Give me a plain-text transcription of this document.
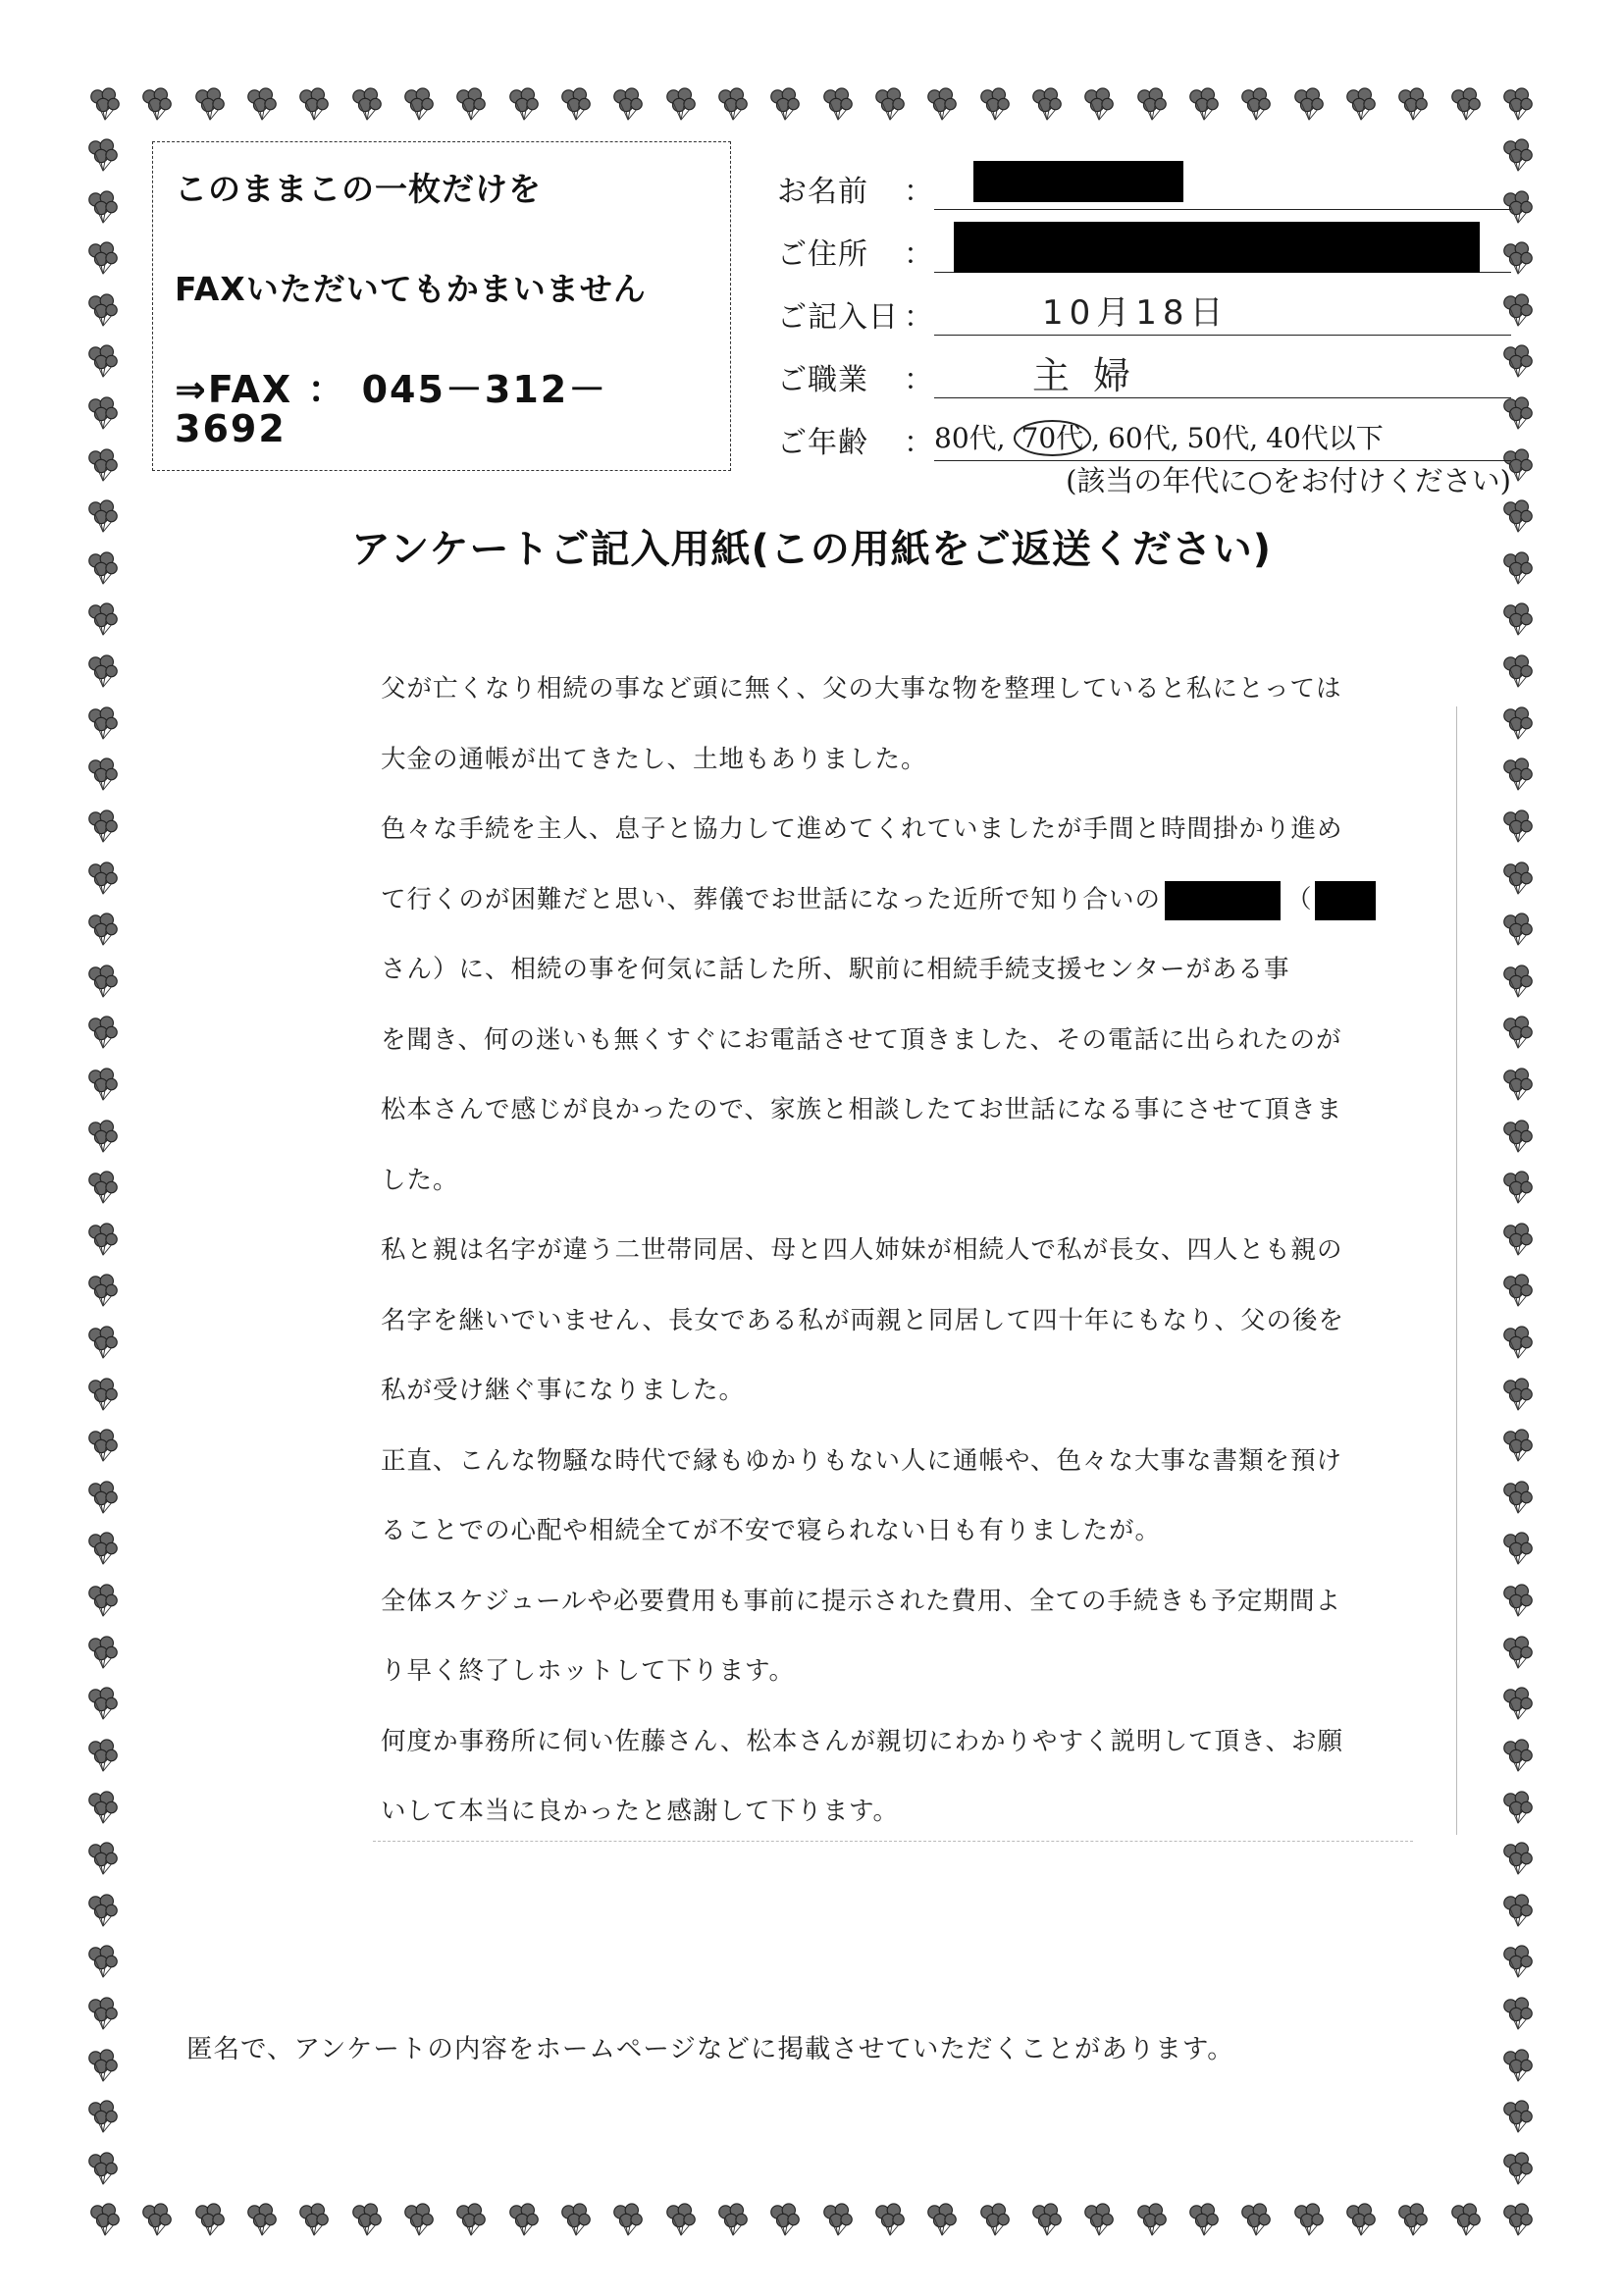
このままこの一枚だけを
FAXいただいてもかまいません
⇒FAX ： 045－312－3692
お名前	：
ご住所	：
ご記入日 ：	10月18日
ご職業	：	主婦
ご年齢	： 80代, 70代 , 60代, 50代, 40代以下
(該当の年代に○をお付けください)
アンケートご記入用紙(この用紙をご返送ください)
父が亡くなり相続の事など頭に無く、父の大事な物を整理していると私にとっては
大金の通帳が出てきたし、土地もありました。
色々な手続を主人、息子と協力して進めてくれていましたが手間と時間掛かり進め
て行くのが困難だと思い、葬儀でお世話になった近所で知り合いの	（
さん）に、相続の事を何気に話した所、駅前に相続手続支援センターがある事
を聞き、何の迷いも無くすぐにお電話させて頂きました、その電話に出られたのが
松本さんで感じが良かったので、家族と相談したてお世話になる事にさせて頂きま
した。
私と親は名字が違う二世帯同居、母と四人姉妹が相続人で私が長女、四人とも親の
名字を継いでいません、長女である私が両親と同居して四十年にもなり、父の後を
私が受け継ぐ事になりました。
正直、こんな物騒な時代で縁もゆかりもない人に通帳や、色々な大事な書類を預け
ることでの心配や相続全てが不安で寝られない日も有りましたが。
全体スケジュールや必要費用も事前に提示された費用、全ての手続きも予定期間よ
り早く終了しホットして下ります。
何度か事務所に伺い佐藤さん、松本さんが親切にわかりやすく説明して頂き、お願
いして本当に良かったと感謝して下ります。
匿名で、アンケートの内容をホームページなどに掲載させていただくことがあります。
